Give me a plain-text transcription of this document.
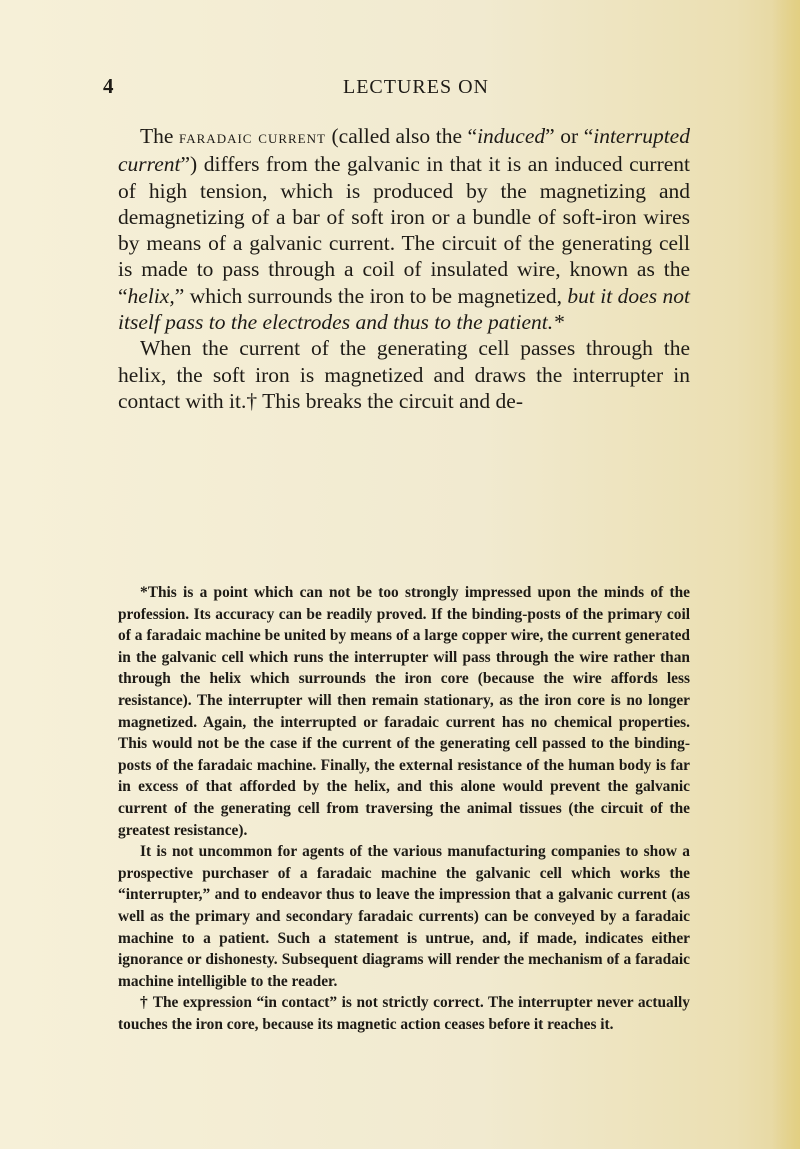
4	LECTURES ON

The faradaic current (called also the “induced” or “interrupted current”) differs from the galvanic in that it is an induced current of high tension, which is produced by the magnetizing and demagnetizing of a bar of soft iron or a bundle of soft-iron wires by means of a galvanic current. The circuit of the generating cell is made to pass through a coil of insulated wire, known as the “helix,” which surrounds the iron to be magnetized, but it does not itself pass to the electrodes and thus to the patient.*

When the current of the generating cell passes through the helix, the soft iron is magnetized and draws the interrupter in contact with it.† This breaks the circuit and de-

*This is a point which can not be too strongly impressed upon the minds of the profession. Its accuracy can be readily proved. If the binding-posts of the primary coil of a faradaic machine be united by means of a large copper wire, the current generated in the galvanic cell which runs the interrupter will pass through the wire rather than through the helix which surrounds the iron core (because the wire affords less resistance). The interrupter will then remain stationary, as the iron core is no longer magnetized. Again, the interrupted or faradaic current has no chemical properties. This would not be the case if the current of the generating cell passed to the binding-posts of the faradaic machine. Finally, the external resistance of the human body is far in excess of that afforded by the helix, and this alone would prevent the galvanic current of the generating cell from traversing the animal tissues (the circuit of the greatest resistance).

It is not uncommon for agents of the various manufacturing companies to show a prospective purchaser of a faradaic machine the galvanic cell which works the “interrupter,” and to endeavor thus to leave the impression that a galvanic current (as well as the primary and secondary faradaic currents) can be conveyed by a faradaic machine to a patient. Such a statement is untrue, and, if made, indicates either ignorance or dishonesty. Subsequent diagrams will render the mechanism of a faradaic machine intelligible to the reader.

† The expression “in contact” is not strictly correct. The interrupter never actually touches the iron core, because its magnetic action ceases before it reaches it.
